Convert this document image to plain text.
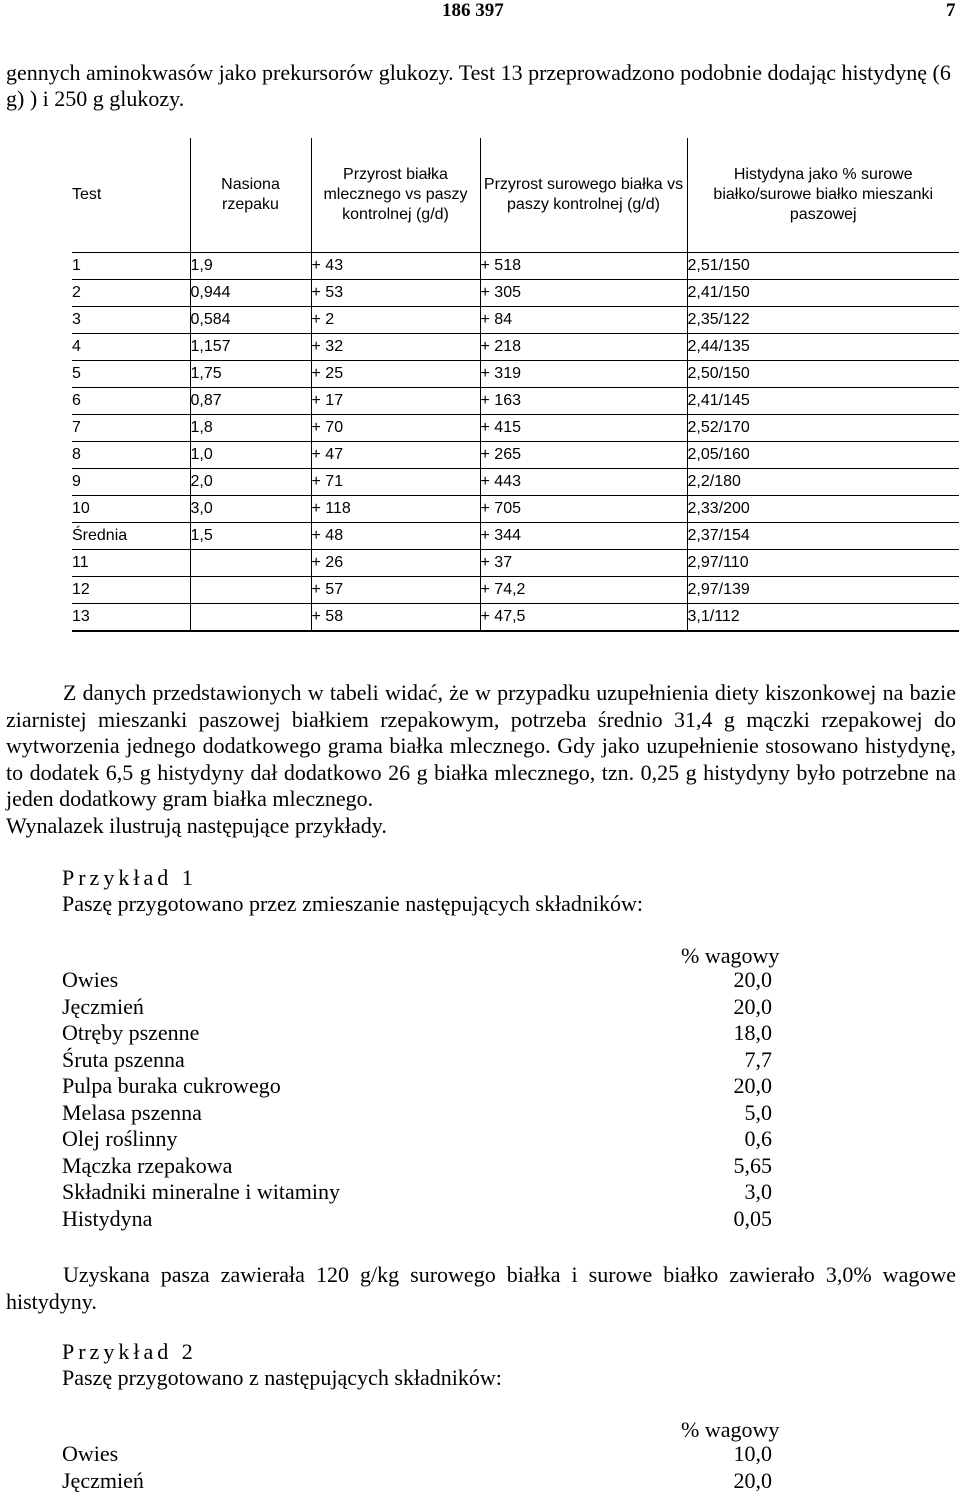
186 397	7
gennych aminokwasów jako prekursorów glukozy. Test 13 przeprowadzono podobnie dodając histydynę (6 g) ) i 250 g glukozy.
Test	Nasiona rzepaku	Przyrost białka mlecznego vs paszy kontrolnej (g/d)	Przyrost surowego białka vs paszy kontrolnej (g/d)	Histydyna jako % surowe białko/surowe białko mieszanki paszowej
1	1,9	+ 43	+ 518	2,51/150
2	0,944	+ 53	+ 305	2,41/150
3	0,584	+ 2	+ 84	2,35/122
4	1,157	+ 32	+ 218	2,44/135
5	1,75	+ 25	+ 319	2,50/150
6	0,87	+ 17	+ 163	2,41/145
7	1,8	+ 70	+ 415	2,52/170
8	1,0	+ 47	+ 265	2,05/160
9	2,0	+ 71	+ 443	2,2/180
10	3,0	+ 118	+ 705	2,33/200
Średnia	1,5	+ 48	+ 344	2,37/154
11		+ 26	+ 37	2,97/110
12		+ 57	+ 74,2	2,97/139
13		+ 58	+ 47,5	3,1/112
Z danych przedstawionych w tabeli widać, że w przypadku uzupełnienia diety kiszonkowej na bazie ziarnistej mieszanki paszowej białkiem rzepakowym, potrzeba średnio 31,4 g mączki rzepakowej do wytworzenia jednego dodatkowego grama białka mlecznego. Gdy jako uzupełnienie stosowano histydynę, to dodatek 6,5 g histydyny dał dodatkowo 26 g białka mlecznego, tzn. 0,25 g histydyny było potrzebne na jeden dodatkowy gram białka mlecznego.
Wynalazek ilustrują następujące przykłady.
Przykład 1
Paszę przygotowano przez zmieszanie następujących składników:
% wagowy
Owies	20,0
Jęczmień	20,0
Otręby pszenne	18,0
Śruta pszenna	7,7
Pulpa buraka cukrowego	20,0
Melasa pszenna	5,0
Olej roślinny	0,6
Mączka rzepakowa	5,65
Składniki mineralne i witaminy	3,0
Histydyna	0,05
Uzyskana pasza zawierała 120 g/kg surowego białka i surowe białko zawierało 3,0% wagowe histydyny.
Przykład 2
Paszę przygotowano z następujących składników:
% wagowy
Owies	10,0
Jęczmień	20,0
